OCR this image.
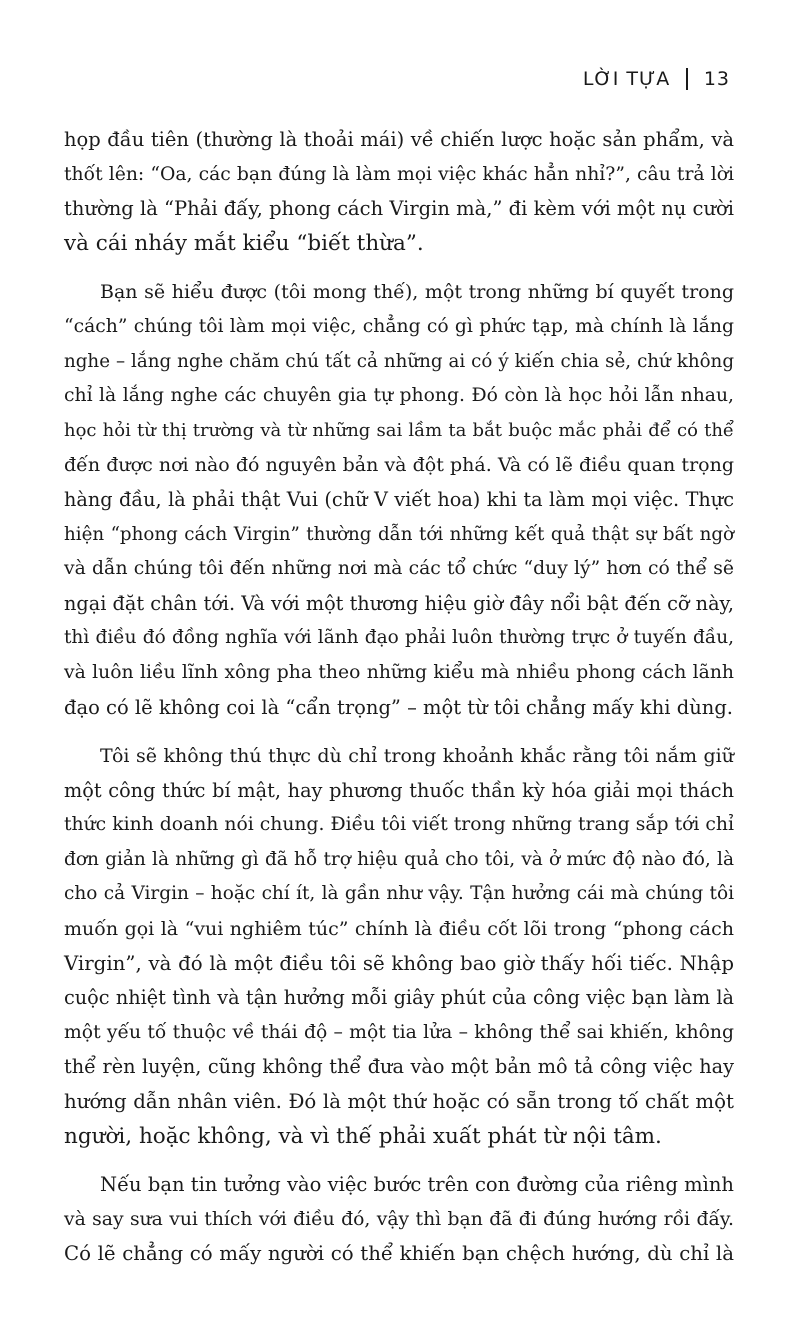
LỜI TỰA 13

họp đầu tiên (thường là thoải mái) về chiến lược hoặc sản phẩm, và
thốt lên: “Oa, các bạn đúng là làm mọi việc khác hẳn nhỉ?”, câu trả lời
thường là “Phải đấy, phong cách Virgin mà,” đi kèm với một nụ cười
và cái nháy mắt kiểu “biết thừa”.

Bạn sẽ hiểu được (tôi mong thế), một trong những bí quyết trong
“cách” chúng tôi làm mọi việc, chẳng có gì phức tạp, mà chính là lắng
nghe – lắng nghe chăm chú tất cả những ai có ý kiến chia sẻ, chứ không
chỉ là lắng nghe các chuyên gia tự phong. Đó còn là học hỏi lẫn nhau,
học hỏi từ thị trường và từ những sai lầm ta bắt buộc mắc phải để có thể
đến được nơi nào đó nguyên bản và đột phá. Và có lẽ điều quan trọng
hàng đầu, là phải thật Vui (chữ V viết hoa) khi ta làm mọi việc. Thực
hiện “phong cách Virgin” thường dẫn tới những kết quả thật sự bất ngờ
và dẫn chúng tôi đến những nơi mà các tổ chức “duy lý” hơn có thể sẽ
ngại đặt chân tới. Và với một thương hiệu giờ đây nổi bật đến cỡ này,
thì điều đó đồng nghĩa với lãnh đạo phải luôn thường trực ở tuyến đầu,
và luôn liều lĩnh xông pha theo những kiểu mà nhiều phong cách lãnh
đạo có lẽ không coi là “cẩn trọng” – một từ tôi chẳng mấy khi dùng.

Tôi sẽ không thú thực dù chỉ trong khoảnh khắc rằng tôi nắm giữ
một công thức bí mật, hay phương thuốc thần kỳ hóa giải mọi thách
thức kinh doanh nói chung. Điều tôi viết trong những trang sắp tới chỉ
đơn giản là những gì đã hỗ trợ hiệu quả cho tôi, và ở mức độ nào đó, là
cho cả Virgin – hoặc chí ít, là gần như vậy. Tận hưởng cái mà chúng tôi
muốn gọi là “vui nghiêm túc” chính là điều cốt lõi trong “phong cách
Virgin”, và đó là một điều tôi sẽ không bao giờ thấy hối tiếc. Nhập
cuộc nhiệt tình và tận hưởng mỗi giây phút của công việc bạn làm là
một yếu tố thuộc về thái độ – một tia lửa – không thể sai khiến, không
thể rèn luyện, cũng không thể đưa vào một bản mô tả công việc hay
hướng dẫn nhân viên. Đó là một thứ hoặc có sẵn trong tố chất một
người, hoặc không, và vì thế phải xuất phát từ nội tâm.

Nếu bạn tin tưởng vào việc bước trên con đường của riêng mình
và say sưa vui thích với điều đó, vậy thì bạn đã đi đúng hướng rồi đấy.
Có lẽ chẳng có mấy người có thể khiến bạn chệch hướng, dù chỉ là
